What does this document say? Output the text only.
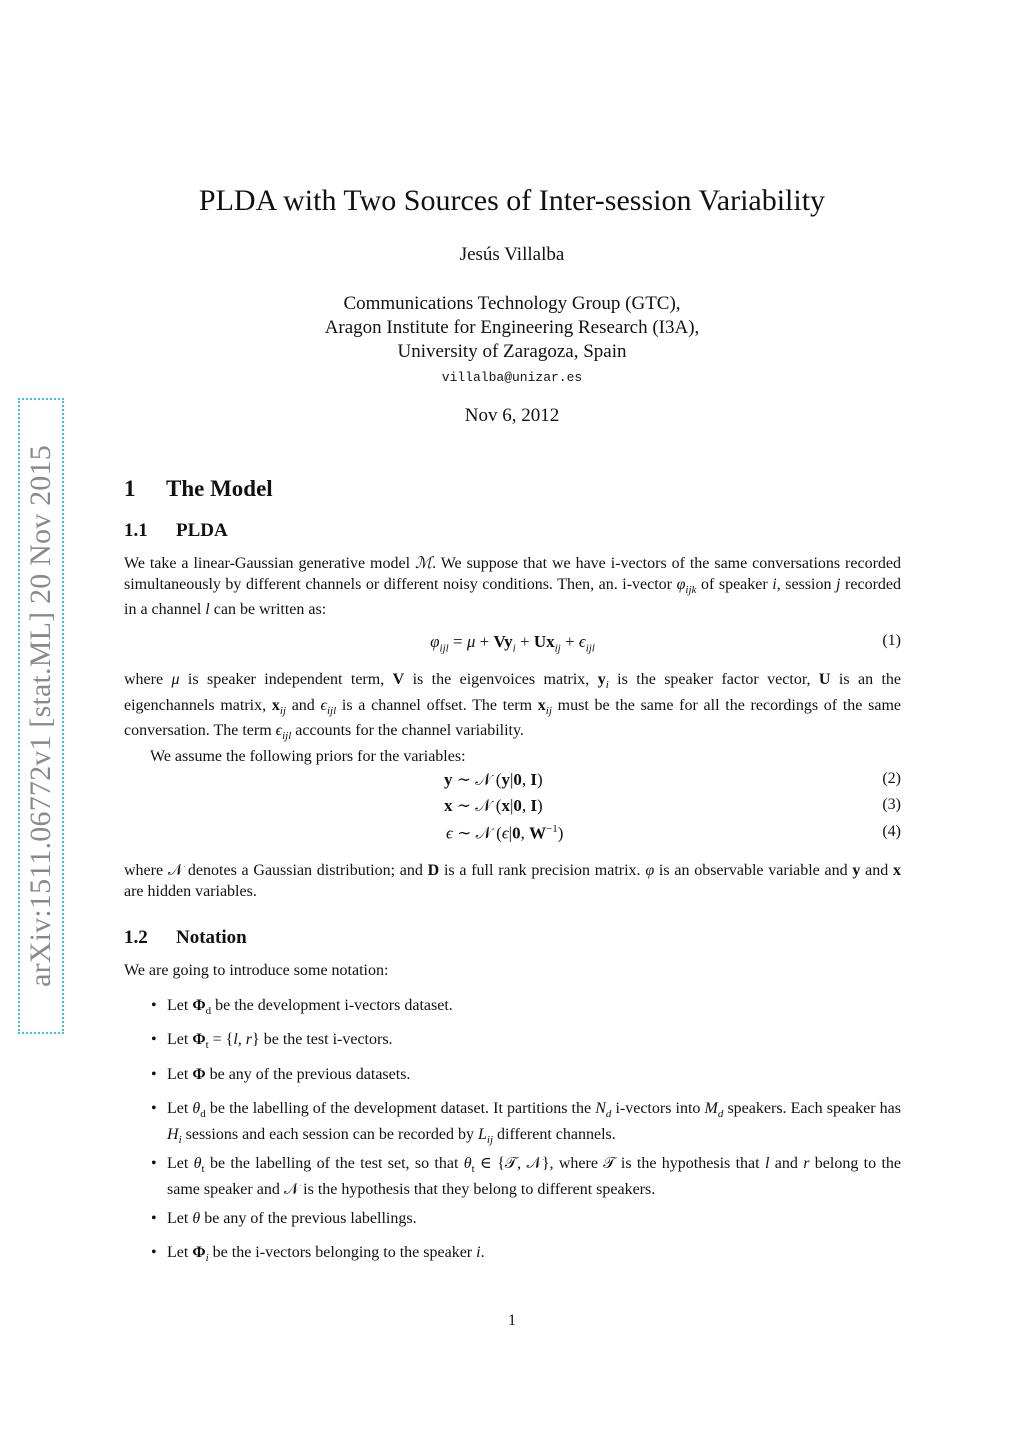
arXiv:1511.06772v1 [stat.ML] 20 Nov 2015
PLDA with Two Sources of Inter-session Variability
Jesús Villalba
Communications Technology Group (GTC),
Aragon Institute for Engineering Research (I3A),
University of Zaragoza, Spain
villalba@unizar.es
Nov 6, 2012
1 The Model
1.1 PLDA
We take a linear-Gaussian generative model ℳ. We suppose that we have i-vectors of the same conversations recorded simultaneously by different channels or different noisy conditions. Then, an. i-vector $\varphi_{ijk}$ of speaker i, session j recorded in a channel l can be written as:
$\varphi_{ijl} = \mu + Vy_i + Ux_{ij} + \epsilon_{ijl}$	(1)
where μ is speaker independent term, V is the eigenvoices matrix, $y_i$ is the speaker factor vector, U is an the eigenchannels matrix, $x_{ij}$ and $\epsilon_{ijl}$ is a channel offset. The term $x_{ij}$ must be the same for all the recordings of the same conversation. The term $\epsilon_{ijl}$ accounts for the channel variability.
We assume the following priors for the variables:
y ∼ 𝒩 (y|0, I)	(2)
x ∼ 𝒩 (x|0, I)	(3)
ϵ ∼ 𝒩 (ϵ|0, $W^{-1}$)	(4)
where 𝒩 denotes a Gaussian distribution; and D is a full rank precision matrix. φ is an observable variable and y and x are hidden variables.
1.2 Notation
We are going to introduce some notation:
• Let $\Phi_d$ be the development i-vectors dataset.
• Let $\Phi_t = \{l$, r} be the test i-vectors.
• Let Φ be any of the previous datasets.
• Let $\theta_d$ be the labelling of the development dataset. It partitions the $N_d$ i-vectors into $M_d$ speakers. Each speaker has $H_i$ sessions and each session can be recorded by $L_{ij}$ different channels.
• Let $\theta_t$ be the labelling of the test set, so that $\theta_t$ ∈ {𝒯, 𝒩}, where 𝒯 is the hypothesis that l and r belong to the same speaker and 𝒩 is the hypothesis that they belong to different speakers.
• Let θ be any of the previous labellings.
• Let $\Phi_i$ be the i-vectors belonging to the speaker i.
1
